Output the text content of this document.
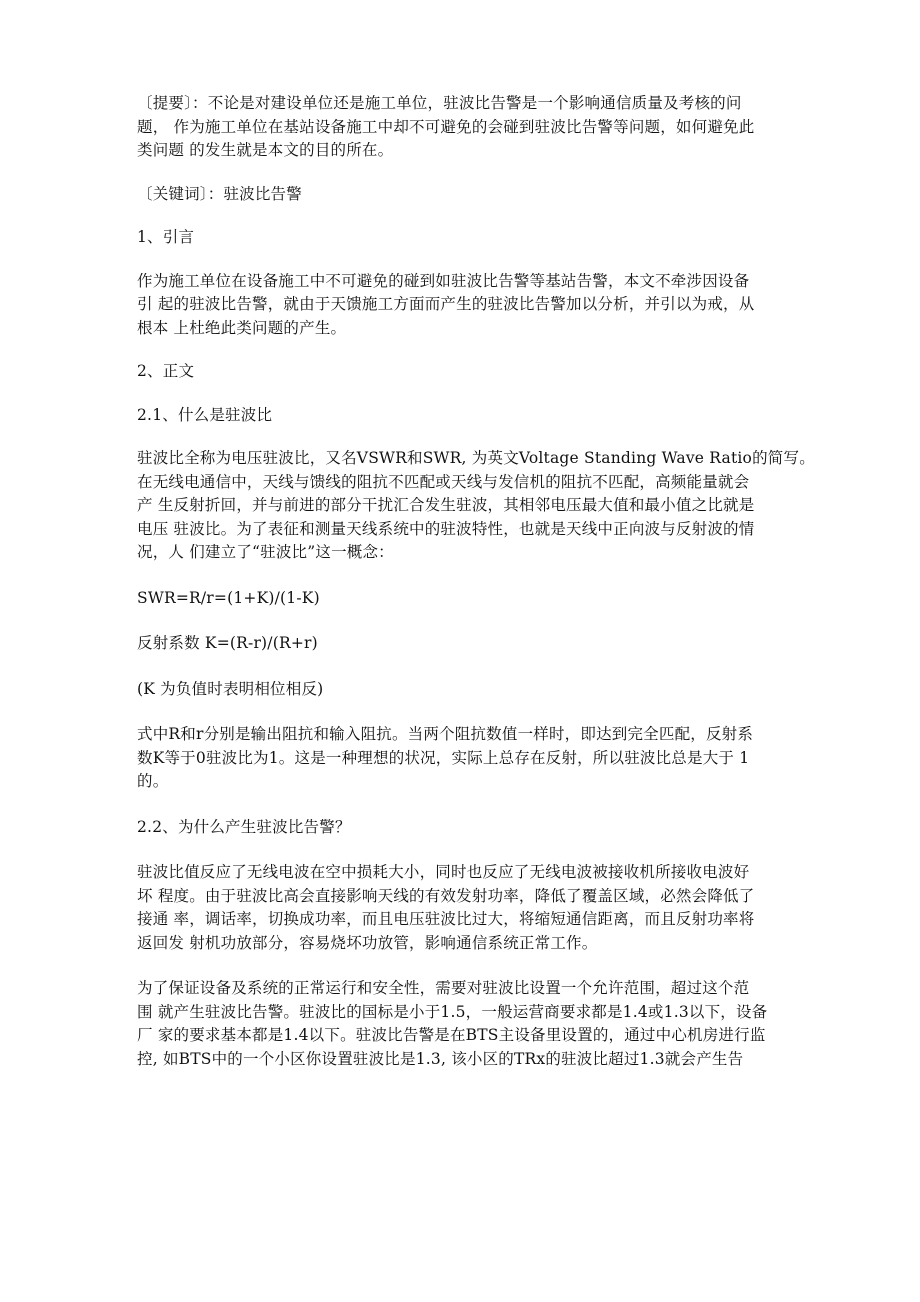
〔提要〕：不论是对建设单位还是施工单位，驻波比告警是一个影响通信质量及考核的问
题， 作为施工单位在基站设备施工中却不可避免的会碰到驻波比告警等问题，如何避免此
类问题 的发生就是本文的目的所在。

〔关键词〕：驻波比告警

1、引言

作为施工单位在设备施工中不可避免的碰到如驻波比告警等基站告警，本文不牵涉因设备
引 起的驻波比告警，就由于天馈施工方面而产生的驻波比告警加以分析，并引以为戒，从
根本 上杜绝此类问题的产生。

2、正文

2.1、什么是驻波比

驻波比全称为电压驻波比，又名VSWR和SWR, 为英文Voltage Standing Wave Ratio的简写。
在无线电通信中，天线与馈线的阻抗不匹配或天线与发信机的阻抗不匹配，高频能量就会
产 生反射折回，并与前进的部分干扰汇合发生驻波，其相邻电压最大值和最小值之比就是
电压 驻波比。为了表征和测量天线系统中的驻波特性，也就是天线中正向波与反射波的情
况，人 们建立了“驻波比”这一概念：

SWR=R/r=(1+K)/(1-K)

反射系数 K=(R-r)/(R+r)

(K 为负值时表明相位相反)

式中R和r分别是输出阻抗和输入阻抗。当两个阻抗数值一样时，即达到完全匹配，反射系
数K等于0驻波比为1。这是一种理想的状况，实际上总存在反射，所以驻波比总是大于 1
的。

2.2、为什么产生驻波比告警？

驻波比值反应了无线电波在空中损耗大小，同时也反应了无线电波被接收机所接收电波好
坏 程度。由于驻波比高会直接影响天线的有效发射功率，降低了覆盖区域，必然会降低了
接通 率，调话率，切换成功率，而且电压驻波比过大，将缩短通信距离，而且反射功率将
返回发 射机功放部分，容易烧坏功放管，影响通信系统正常工作。

为了保证设备及系统的正常运行和安全性，需要对驻波比设置一个允许范围，超过这个范
围 就产生驻波比告警。驻波比的国标是小于1.5，一般运营商要求都是1.4或1.3以下，设备
厂 家的要求基本都是1.4以下。驻波比告警是在BTS主设备里设置的，通过中心机房进行监
控, 如BTS中的一个小区你设置驻波比是1.3, 该小区的TRx的驻波比超过1.3就会产生告
